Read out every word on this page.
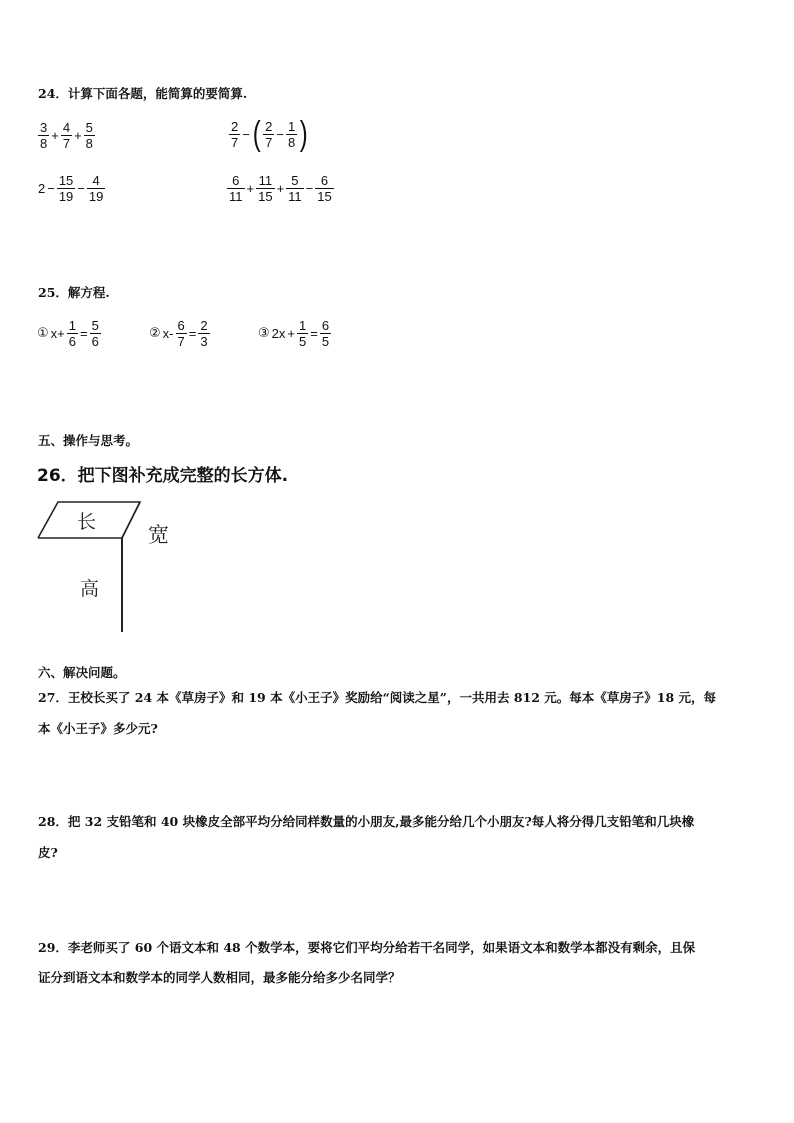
24．计算下面各题，能简算的要简算.
$\frac{3}{8} + \frac{4}{7} + \frac{5}{8}$	$\frac{2}{7}$ − ( $\frac{2}{7} - \frac{1}{8}$ )
$2 - \frac{15}{19} - \frac{4}{19}$	$\frac{6}{11} + \frac{11}{15} + \frac{5}{11} - \frac{6}{15}$
25．解方程.
① $x+ \frac{1}{6} = \frac{5}{6}$	② $x- \frac{6}{7} = \frac{2}{3}$	③ $2x + \frac{1}{5} = \frac{6}{5}$
五、操作与思考。
26．把下图补充成完整的长方体.
长
宽
高
六、解决问题。
27．王校长买了 24 本《草房子》和 19 本《小王子》奖励给“阅读之星”，一共用去 812 元。每本《草房子》18 元，每
本《小王子》多少元?
28．把 32 支铅笔和 40 块橡皮全部平均分给同样数量的小朋友,最多能分给几个小朋友?每人将分得几支铅笔和几块橡
皮?
29．李老师买了 60 个语文本和 48 个数学本，要将它们平均分给若干名同学，如果语文本和数学本都没有剩余，且保
证分到语文本和数学本的同学人数相同，最多能分给多少名同学？
